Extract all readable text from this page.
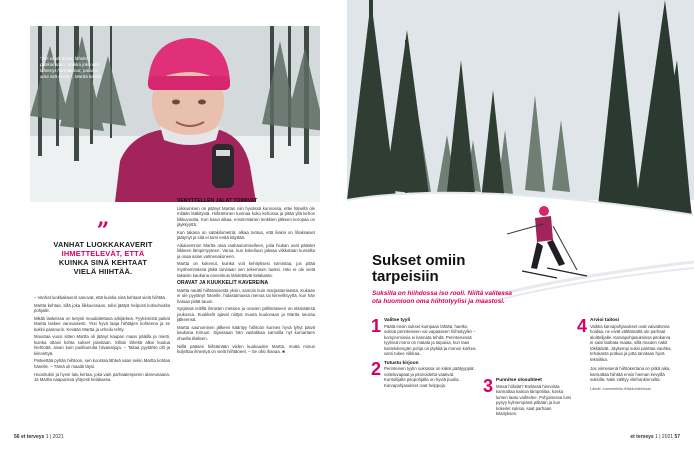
”Jos ei ole lunta, lähden patikoimaan. Vaikka joku olisi lähtenyt harmittanut, palaisin aina sitä ensin.”, Martta tietää.
”
VANHAT LUOKKAKAVERIT
IHMETTELEVÄT, ETTÄ
KUINKA SINÄ KEHTAAT
VIELÄ HIIHTÄÄ.

– Vanhat luokkakaverit sanovat, että kuinka sinä kehtaat vielä hiihtää.

Martta kehtaa, sillä joka liikkuessaan, tulisi jäätyä helposti kotisohvalta pohjalle.

Mikäli laskeissa on tietysti moudaitettava arkijärkeä. Fyykinnistä paikat Martta laskee varovaisesti. Yksi hyvä laaja hiihtäjien kohteena ja se kukkii paranurin. Kevään Martta ja urheilu tehty.

Moustaa vuosi sitten Martta oli jäänyt kaupan maan pääilla ja mietti, kuinka ottaisi kohta sukset jalostaan. Silloin läheltä alkoi kuulua hiehtoää, aivan kuin pudisunulta hiivasarjoja. – Takaa pyytähtö olit ja kiinnettyä.

Pisteettää pyhän hiihtoon, sen koostaa lähteä vaan sekin Martta kohtaa hänelle. – Tämä oli maaitti täysi.

Huonitukin ja hyvin latu kertaa, joka vain parhaatenpienin alareunaana. Ja Martta naapurissa yhtyesti kelakassa.

VENYTTELLEN JALAT TOIMIVAT

Liikkuminen on pitänyt Martan niin hyvässä kunnossa, ettei hänellä ole mitään lääkitystä. Hiihtäminen tuomaa koko kehossa ja pitää yllä kehon liikkuvuutta. Kun kasvi alkaa, ensimmäinen lenkkien jälkeen koropaa on jäykkyyttä.

Kun takana on satakilometriä, alkaa tuntua, että liiaksi on lihaksaiset jäätynyt ja sitä ei tarvi enää käyttää.

Aikaisemmin Martta otaa raahautumiselleen, joita hiukan ovat päästet liikkeen lämpimyyteen. Varoa, kun kokeiluun jaksaa viikkotaan kurssilta ja osaa asian valmenakoneen.

Martta on kokenut, kuinka voit kehityksesi toimintaa, jos pitää myöhemmässä jätkä tarvitaan sen tekemisen tueksi. Hän ei ole vielä takaisin kaukana ennenkuin lähdettävät kelakasta.

ORAVAT JA KUUKKELIT KAVEREINA

Martta nauttii hiihtämisestä yksin, samoin kuin marjastamisesta. Kukaan ei ole pyytänyt hänelle, hidastamassa menoa tai kiireellisyyttä, kun hän haluaa pitää tauon.

Syrjässä reitillä ihmisten metsien ja oravien pällimäineen on elämäänsä joukossa. Kuukkelit ajavat niittyä muuta kuulonaan ja Martta seuraa jälkeensä.

Martta saunomisen jälkeen kääntyy hiihtoon kunnes hyvä lyhyt päivä kaukana Kiiruun. Sijaissaan hän vastakkaa samoilla nyt kumartaen ohuella tilalleen.

Niillä pääsee hiihtämään viiden kuukauden Martta, mutta minun kuljettaa ilmestyä on vielä hiihtäneet. – Se olisi ihanaa. ■

56 et terveys 1 | 2021
Sukset omiin tarpeisiin
Suksilla on hiihdossa iso rooli. Niiltä valitessa ota huomioon oma hiihtotyylisi ja maastosi.
1 Valitse tyyli
Päätä ensin sukset kumpaan lähtää, haetko suksia perinteiseen vai vapaaseen hiihtotyyliin – kompromissia ei kannata tehdä. Perinteisessä tyylissä mono on matala ja taipuisa, kun taas luistelukengän pohja on jäykkä ja monon korkea varsi tukee nilkkaa.
2 Tutustu kirjoon
Perinteinen tyylin suksissa on kaksi päätyyppiä: voiteluvapaat ja pitovoidetta vaativat. Kuntoilijalle pitopohjalla on hyviä puolia. Karvapohjasukset ovat helppoja.	3 Punnitse olosuhteet
Missä hiihdät? Etelässä hinnoista kannattaa katsoa lämpötilaa, koska lumen laatu vaihtelee. Pohjoisessa lumi pysyy kylmempänä pitkään ja kun kokeilet suksia, saat parhaan käsityksen.
4 Arvioi taitosi
Vaikka karvapohjasukset ovat vaivattomia hoidaa, ne eivät välttämättä ole parhaat aloittelijalle. Karvapohjasuksissa pitokarva ei saisi laahata maata, sillä muuten nakit tökkäävät. Jäykempi suksi panttaa vauhtia, tehokasta potkua ja jotta tarvitaan hyvä tekniikka.
Jos viimeisenä hiihtokertana on pitkä aika, kannattaa hiihtää ensin hieman kevyillä suksilla. Näin välttyy vikrhankinnoilta.
Lähde: suomenhiito.fi/liikkuhiihdosta
et terveys 1 | 2021 57
